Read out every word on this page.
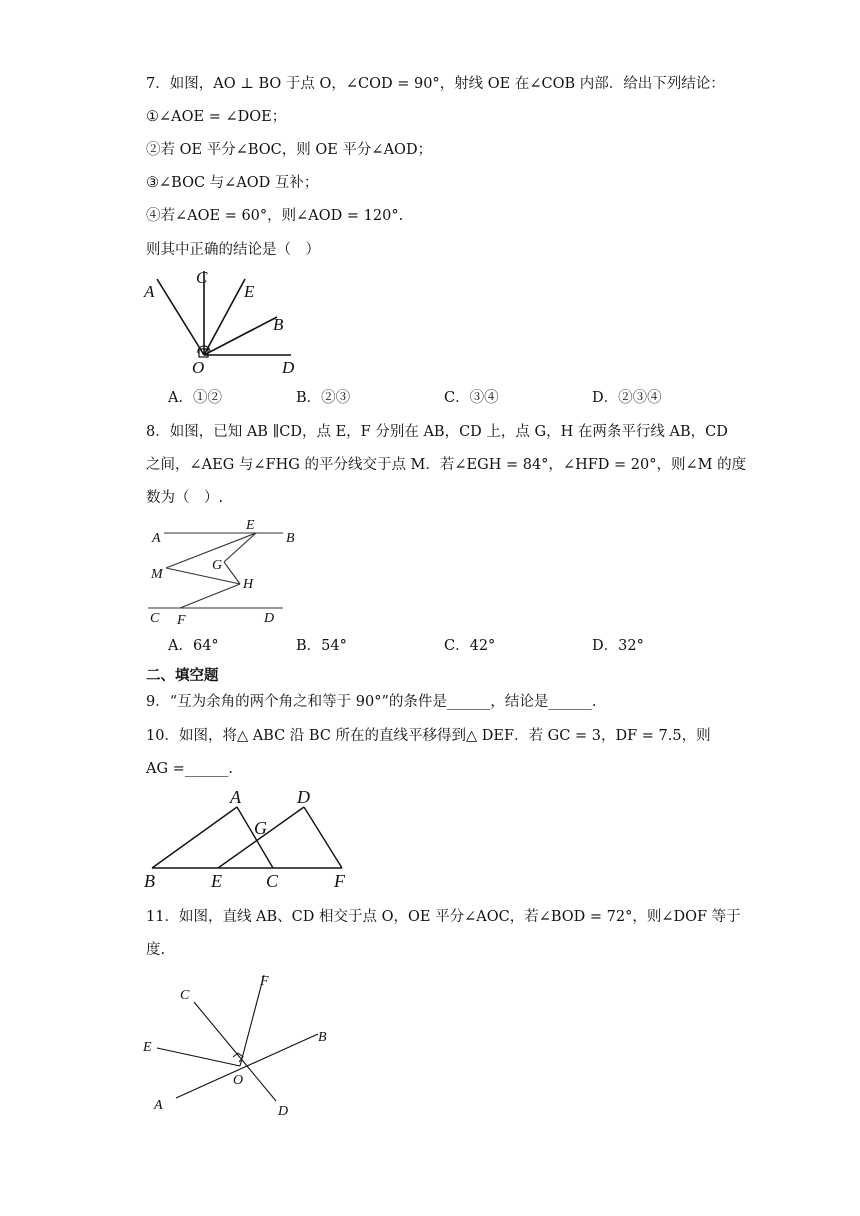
7．如图，AO ⊥ BO 于点 O，∠COD = 90°，射线 OE 在∠COB 内部．给出下列结论：
①∠AOE = ∠DOE；
②若 OE 平分∠BOC，则 OE 平分∠AOD；
③∠BOC 与∠AOD 互补；
④若∠AOE = 60°，则∠AOD = 120°.
则其中正确的结论是（　）
A
C
E
B
O	D
A．①②	B．②③	C．③④	D．②③④
8．如图，已知 AB ∥CD，点 E，F 分别在 AB，CD 上，点 G，H 在两条平行线 AB，CD
之间，∠AEG 与∠FHG 的平分线交于点 M．若∠EGH = 84°，∠HFD = 20°，则∠M 的度
数为（　）.
A
E
B
M
G
H
C F	D
A．64°	B．54°	C．42°	D．32°
二、填空题
9．“互为余角的两个角之和等于 90°”的条件是______，结论是______.
10．如图，将△ ABC 沿 BC 所在的直线平移得到△ DEF．若 GC = 3，DF = 7.5，则
AG =______.
A	D
G
B	E C	F
11．如图，直线 AB、CD 相交于点 O，OE 平分∠AOC，若∠BOD = 72°，则∠DOF 等于
度.
C
F
E
B
O
A	D
